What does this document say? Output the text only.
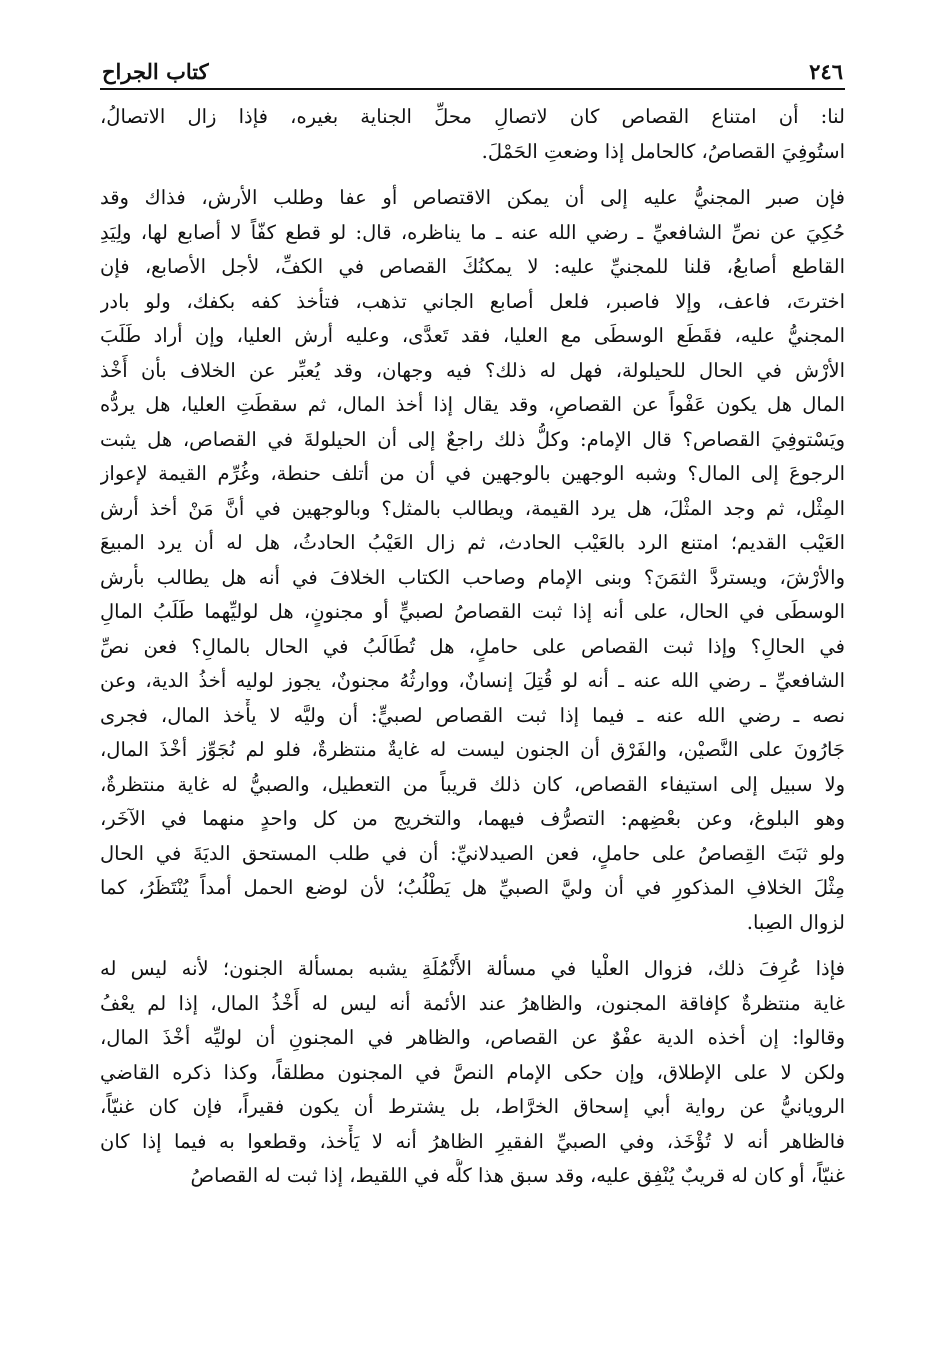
٢٤٦
كتاب الجراح

لنا: أن امتناع القصاص كان لاتصالِ محلِّ الجناية بغيره، فإذا زال الاتصالُ،
استُوفِيَ القصاصُ، كالحامل إذا وضعتِ الحَمْلَ.

فإن صبر المجنيُّ عليه إلى أن يمكن الاقتصاص أو عفا وطلب الأرش، فذاك وقد
حُكِيَ عن نصِّ الشافعيِّ ـ رضي الله عنه ـ ما يناظره، قال: لو قطع كفّاً لا أصابع لها، ولِيَدِ
القاطع أصابعُ، قلنا للمجنيِّ عليه: لا يمكنُكَ القصاص في الكفِّ، لأجل الأصابع، فإن
اخترتَ، فاعف، وإلا فاصبر، فلعل أصابع الجاني تذهب، فتأخذ كفه بكفك، ولو بادر
المجنيُّ عليه، فقَطَع الوسطَى مع العليا، فقد تَعدَّى، وعليه أرش العليا، وإن أراد طَلَبَ
الأرْش في الحال للحيلولة، فهل له ذلك؟ فيه وجهان، وقد يُعبِّر عن الخلاف بأن أَخْذ
المال هل يكون عَفْواً عن القصاصِ، وقد يقال إذا أخذ المال، ثم سقطَتِ العليا، هل يردُّه
ويَسْتوفِيَ القصاص؟ قال الإمام: وكلُّ ذلك راجعٌ إلى أن الحيلولةَ في القصاص، هل يثبت
الرجوعَ إلى المال؟ وشبه الوجهين بالوجهين في أن من أتلف حنطة، وغُرِّم القيمة لإعواز
المِثْل، ثم وجد المثْلَ، هل يرد القيمة، ويطالب بالمثل؟ وبالوجهين في أنَّ مَنْ أخذ أرش
العَيْب القديم؛ امتنع الرد بالعَيْب الحادث، ثم زال العَيْبُ الحادثُ، هل له أن يرد المبيعَ
والأرْشَ، ويستردَّ الثمَنَ؟ وبنى الإمام وصاحب الكتاب الخلافَ في أنه هل يطالب بأرش
الوسطَى في الحال، على أنه إذا ثبت القصاصُ لصبيٍّ أو مجنونٍ، هل لوليِّهما طَلَبُ المالِ
في الحالِ؟ وإذا ثبت القصاص على حاملٍ، هل تُطَالَبُ في الحال بالمالِ؟ فعن نصِّ
الشافعيِّ ـ رضي الله عنه ـ أنه لو قُتِلَ إنسانٌ، ووارثُهُ مجنونٌ، يجوز لوليه أخذُ الدية، وعن
نصه ـ رضي الله عنه ـ فيما إذا ثبت القصاص لصبيٍّ: أن وليَّه لا يأْخذ المال، فجرى
جَارُونَ على النَّصيْن، والفَرْق أن الجنون ليست له غايةٌ منتظرةٌ، فلو لم نُجَوِّز أخْذَ المال،
ولا سبيل إلى استيفاء القصاص، كان ذلك قريباً من التعطيل، والصبيُّ له غاية منتظرةٌ،
وهو البلوغ، وعن بعْضِهم: التصرُّف فيهما، والتخريج من كل واحدٍ منهما في الآخَر،
ولو ثبَتَ القِصاصُ على حاملٍ، فعن الصيدلانيِّ: أن في طلب المستحق الديَةَ في الحال
مِثْلَ الخلافِ المذكورِ في أن وليَّ الصبيِّ هل يَطْلُبُ؛ لأن لوضع الحمل أمداً يُنْتَظَرُ، كما
لزوال الصِبا.

فإذا عُرِفَ ذلك، فزوال العلْيا في مسألة الأَنْمُلَةِ يشبه بمسألة الجنون؛ لأنه ليس له
غاية منتظرةٌ كإفاقة المجنون، والظاهرُ عند الأئمة أنه ليس له أَخْذُ المال، إذا لم يعْفُ
وقالوا: إن أخذه الدية عفْوٌ عن القصاص، والظاهر في المجنونِ أن لوليِّه أخْذَ المال،
ولكن لا على الإطلاق، وإن حكى الإمام النصَّ في المجنون مطلقاً، وكذا ذكره القاضي
الرويانيُّ عن رواية أبي إسحاق الخرَّاط، بل يشترط أن يكون فقيراً، فإن كان غنيّاً،
فالظاهر أنه لا تُؤْخَذ، وفي الصبيِّ الفقيرِ الظاهرُ أنه لا يَأْخذ، وقطعوا به فيما إذا كان
غنيّاً، أو كان له قريبٌ يُنْفِق عليه، وقد سبق هذا كلُّه في اللقيط، إذا ثبت له القصاصُ
